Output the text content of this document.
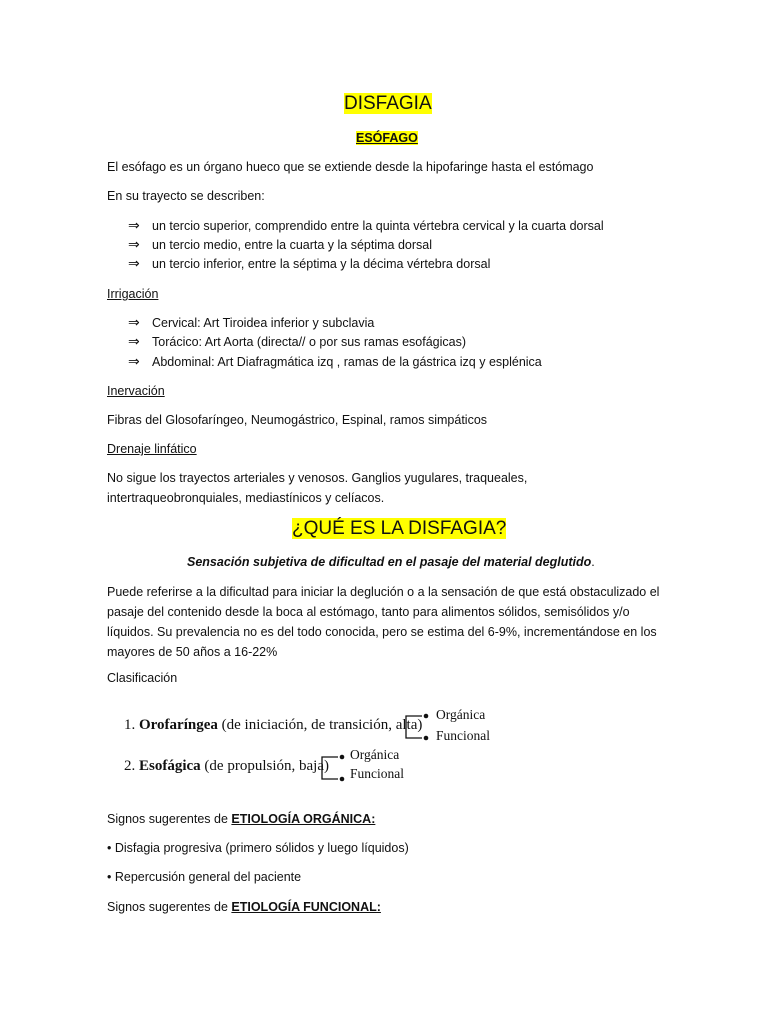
DISFAGIA
ESÓFAGO
El esófago es un órgano hueco que se extiende desde la hipofaringe hasta el estómago
En su trayecto se describen:
⇒ un tercio superior, comprendido entre la quinta vértebra cervical y la cuarta dorsal
⇒ un tercio medio, entre la cuarta y la séptima dorsal
⇒ un tercio inferior, entre la séptima y la décima vértebra dorsal
Irrigación
⇒ Cervical: Art Tiroidea inferior y subclavia
⇒ Torácico: Art Aorta (directa// o por sus ramas esofágicas)
⇒ Abdominal: Art Diafragmática izq , ramas de la gástrica izq y esplénica
Inervación
Fibras del Glosofaríngeo, Neumogástrico, Espinal, ramos simpáticos
Drenaje linfático
No sigue los trayectos arteriales y venosos. Ganglios yugulares, traqueales, intertraqueobronquiales, mediastínicos y celíacos.
¿QUÉ ES LA DISFAGIA?
Sensación subjetiva de dificultad en el pasaje del material deglutido.
Puede referirse a la dificultad para iniciar la deglución o a la sensación de que está obstaculizado el pasaje del contenido desde la boca al estómago, tanto para alimentos sólidos, semisólidos y/o líquidos. Su prevalencia no es del todo conocida, pero se estima del 6-9%, incrementándose en los mayores de 50 años a 16-22%
Clasificación
1. Orofaríngea (de iniciación, de transición, alta)
Orgánica
Funcional
2. Esofágica (de propulsión, baja)
Orgánica
Funcional
Signos sugerentes de ETIOLOGÍA ORGÁNICA:
• Disfagia progresiva (primero sólidos y luego líquidos)
• Repercusión general del paciente
Signos sugerentes de ETIOLOGÍA FUNCIONAL:
